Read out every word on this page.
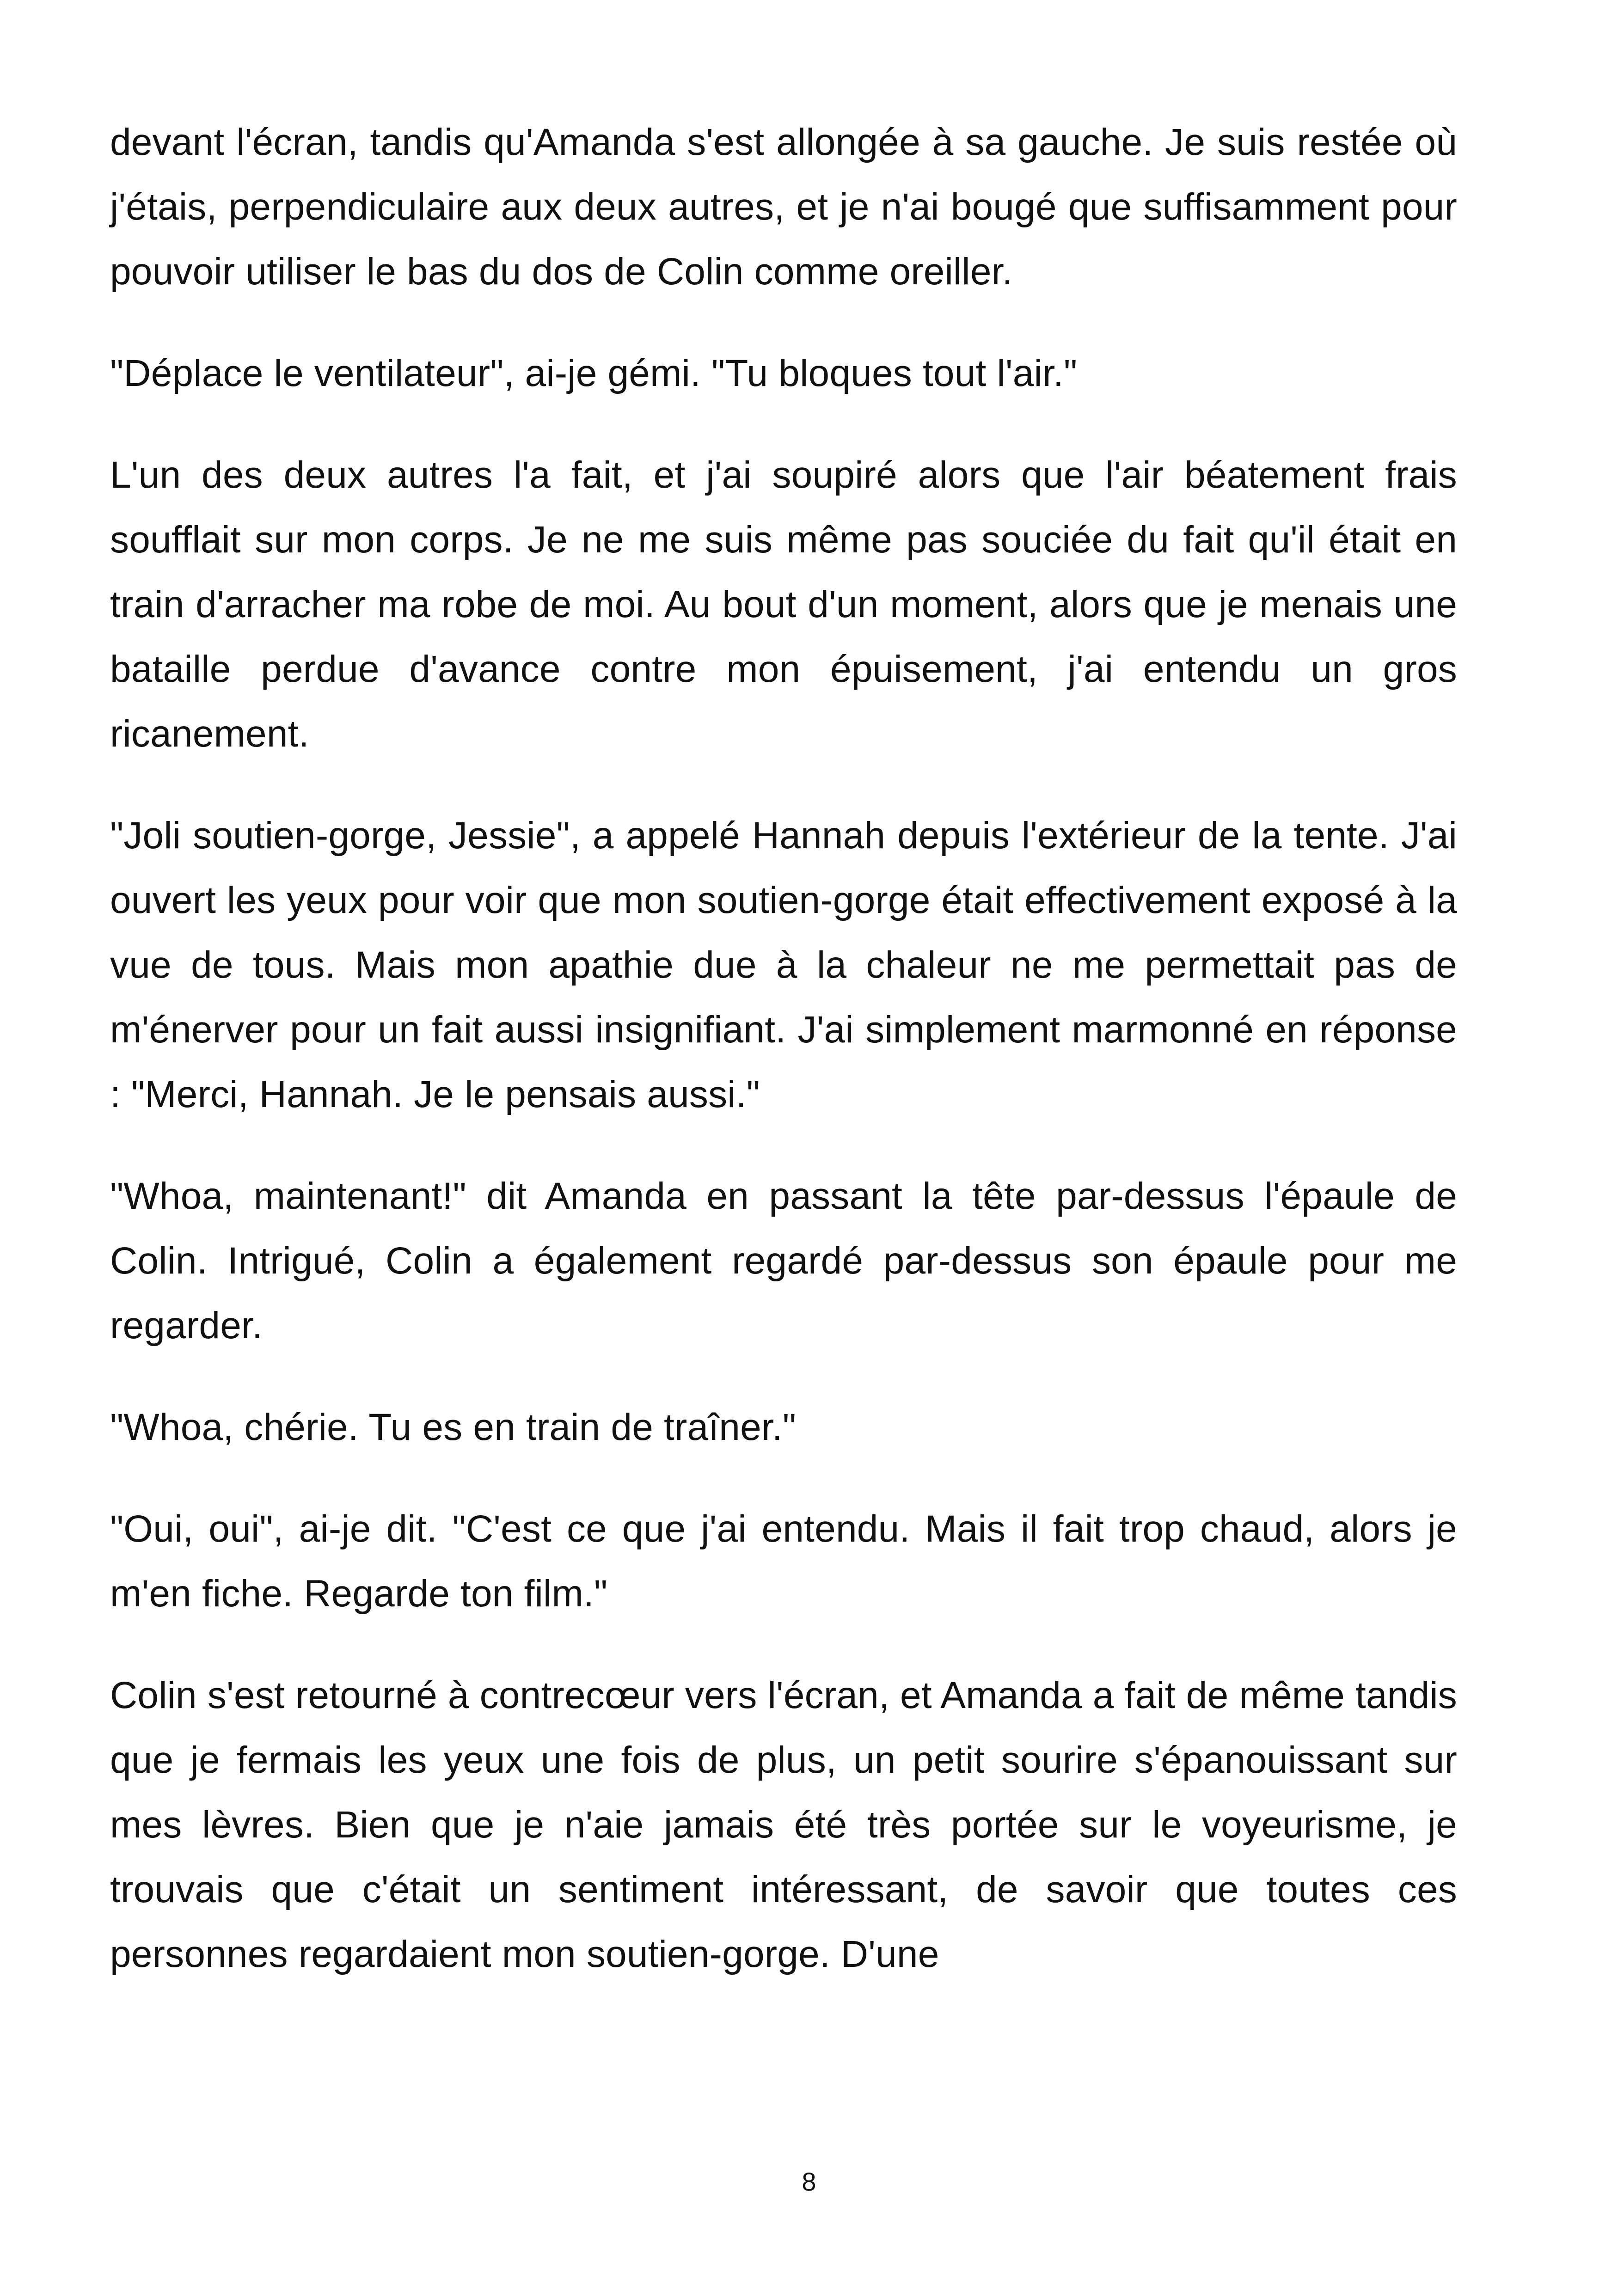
devant l'écran, tandis qu'Amanda s'est allongée à sa gauche. Je suis restée où j'étais, perpendiculaire aux deux autres, et je n'ai bougé que suffisamment pour pouvoir utiliser le bas du dos de Colin comme oreiller.

"Déplace le ventilateur", ai-je gémi. "Tu bloques tout l'air."

L'un des deux autres l'a fait, et j'ai soupiré alors que l'air béatement frais soufflait sur mon corps. Je ne me suis même pas souciée du fait qu'il était en train d'arracher ma robe de moi. Au bout d'un moment, alors que je menais une bataille perdue d'avance contre mon épuisement, j'ai entendu un gros ricanement.

"Joli soutien-gorge, Jessie", a appelé Hannah depuis l'extérieur de la tente. J'ai ouvert les yeux pour voir que mon soutien-gorge était effectivement exposé à la vue de tous. Mais mon apathie due à la chaleur ne me permettait pas de m'énerver pour un fait aussi insignifiant. J'ai simplement marmonné en réponse : "Merci, Hannah. Je le pensais aussi."

"Whoa, maintenant!" dit Amanda en passant la tête par-dessus l'épaule de Colin. Intrigué, Colin a également regardé par-dessus son épaule pour me regarder.

"Whoa, chérie. Tu es en train de traîner."

"Oui, oui", ai-je dit. "C'est ce que j'ai entendu. Mais il fait trop chaud, alors je m'en fiche. Regarde ton film."

Colin s'est retourné à contrecœur vers l'écran, et Amanda a fait de même tandis que je fermais les yeux une fois de plus, un petit sourire s'épanouissant sur mes lèvres. Bien que je n'aie jamais été très portée sur le voyeurisme, je trouvais que c'était un sentiment intéressant, de savoir que toutes ces personnes regardaient mon soutien-gorge. D'une

8
